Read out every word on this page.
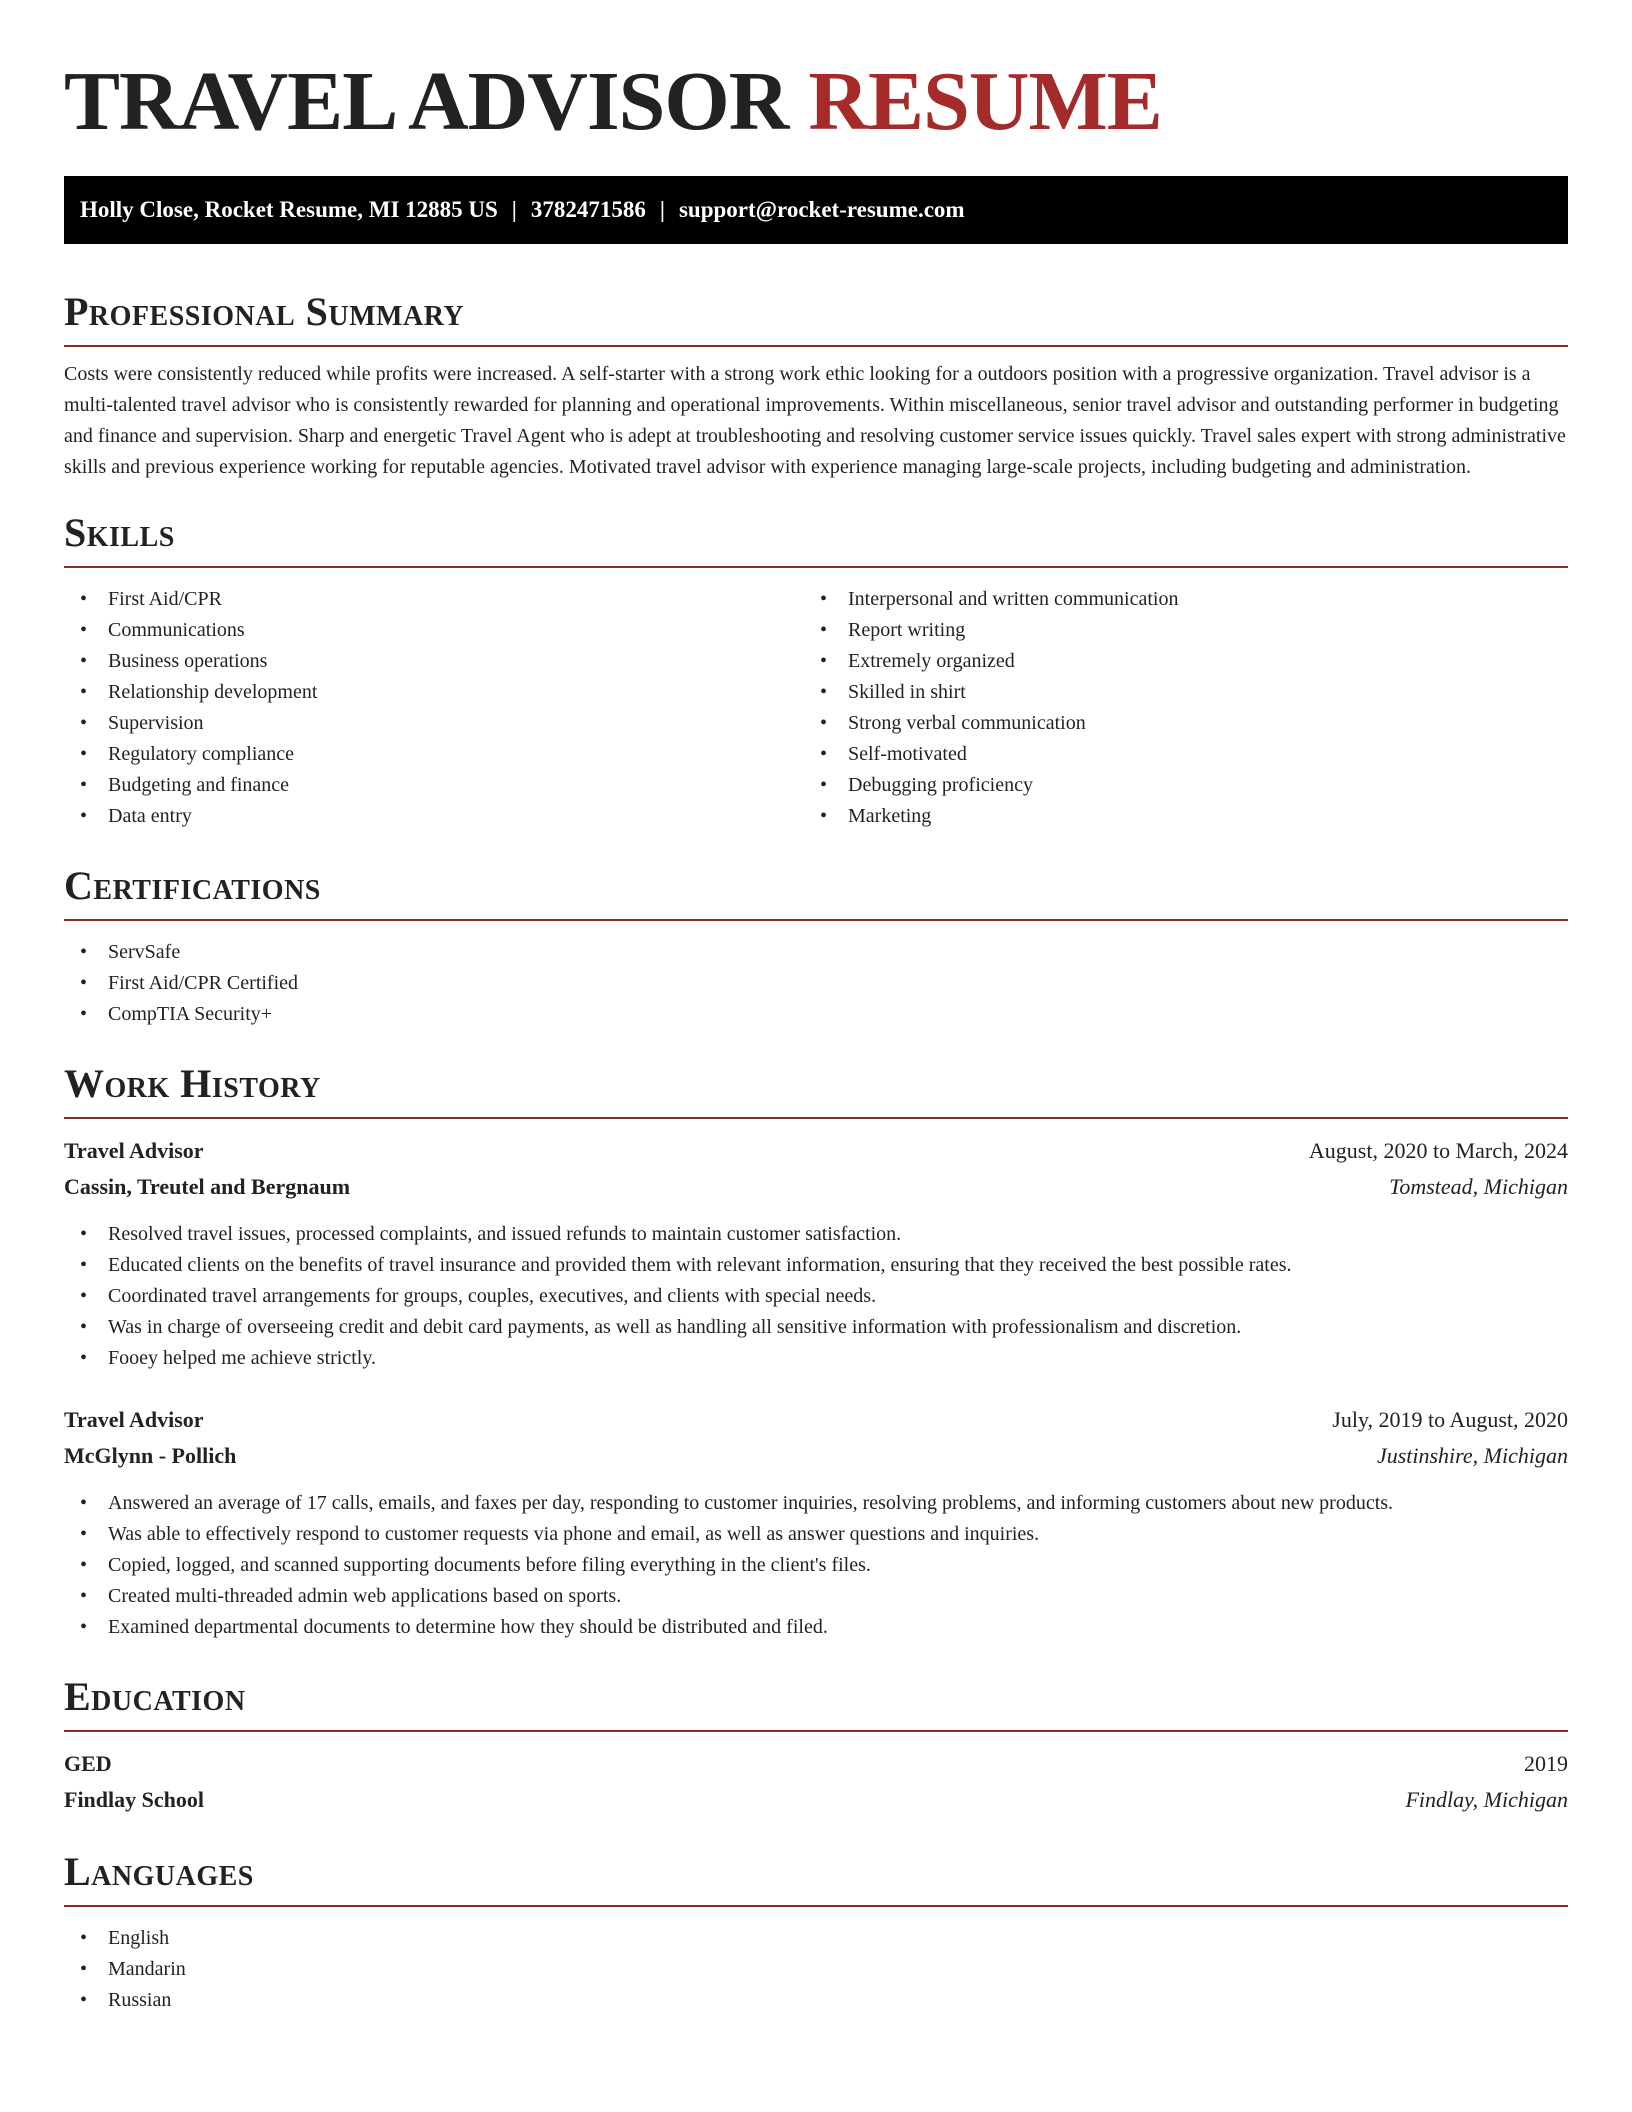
TRAVEL ADVISOR RESUME
Holly Close, Rocket Resume, MI 12885 US | 3782471586 | support@rocket-resume.com
Professional Summary

Costs were consistently reduced while profits were increased. A self-starter with a strong work ethic looking for a outdoors position with a progressive organization. Travel advisor is a multi-talented travel advisor who is consistently rewarded for planning and operational improvements. Within miscellaneous, senior travel advisor and outstanding performer in budgeting and finance and supervision. Sharp and energetic Travel Agent who is adept at troubleshooting and resolving customer service issues quickly. Travel sales expert with strong administrative skills and previous experience working for reputable agencies. Motivated travel advisor with experience managing large-scale projects, including budgeting and administration.

Skills
• First Aid/CPR
• Communications
• Business operations
• Relationship development
• Supervision
• Regulatory compliance
• Budgeting and finance
• Data entry
• Interpersonal and written communication
• Report writing
• Extremely organized
• Skilled in shirt
• Strong verbal communication
• Self-motivated
• Debugging proficiency
• Marketing
Certifications
• ServSafe
• First Aid/CPR Certified
• CompTIA Security+
Work History
Travel Advisor	August, 2020 to March, 2024
Cassin, Treutel and Bergnaum	Tomstead, Michigan
• Resolved travel issues, processed complaints, and issued refunds to maintain customer satisfaction.
• Educated clients on the benefits of travel insurance and provided them with relevant information, ensuring that they received the best possible rates.
• Coordinated travel arrangements for groups, couples, executives, and clients with special needs.
• Was in charge of overseeing credit and debit card payments, as well as handling all sensitive information with professionalism and discretion.
• Fooey helped me achieve strictly.
Travel Advisor	July, 2019 to August, 2020
McGlynn - Pollich	Justinshire, Michigan
• Answered an average of 17 calls, emails, and faxes per day, responding to customer inquiries, resolving problems, and informing customers about new products.
• Was able to effectively respond to customer requests via phone and email, as well as answer questions and inquiries.
• Copied, logged, and scanned supporting documents before filing everything in the client's files.
• Created multi-threaded admin web applications based on sports.
• Examined departmental documents to determine how they should be distributed and filed.
Education
GED	2019
Findlay School	Findlay, Michigan
Languages
• English
• Mandarin
• Russian
